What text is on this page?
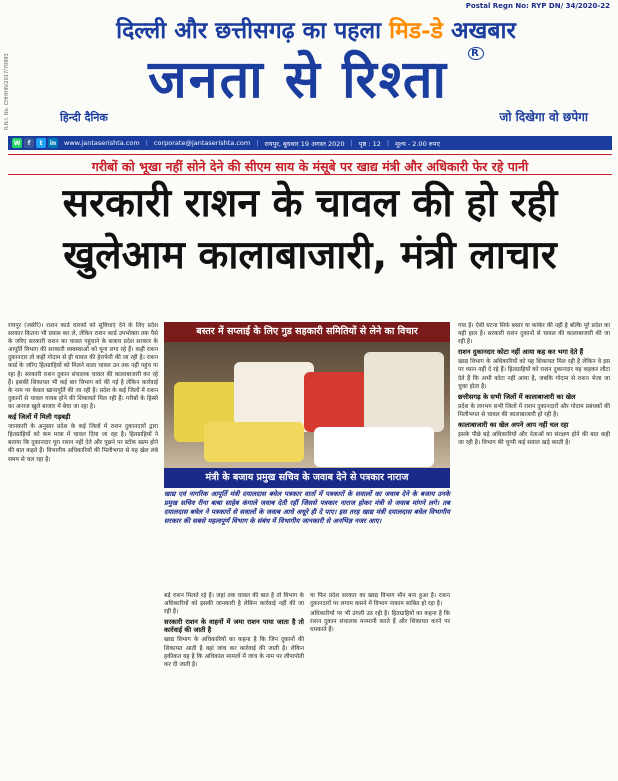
Postal Regn No: RYP DN/ 34/2020-22
R.N.I. No. CHHHIN/2017/70993
दिल्ली और छत्तीसगढ़ का पहला मिड-डे अखबार
जनता से रिश्ता $^R$
हिन्दी दैनिक	जो दिखेगा वो छपेगा
W	f	t	in www.jantaserishta.com | corporate@jantaserishta.com | रायपुर, बुधवार 19 अगस्त 2020 | पृष्ठ : 12 | मूल्य - 2.00 रुपए
गरीबों को भूखा नहीं सोने देने की सीएम साय के मंसूबे पर खाद्य मंत्री और अधिकारी फेर रहे पानी
सरकारी राशन के चावल की हो रही
खुलेआम कालाबाजारी, मंत्री लाचार

रायपुर (जसेरि)। राशन कार्ड धारकों को सुविधाएं देने के लिए प्रदेश सरकार कितना भी प्रयास कर ले, लेकिन राशन कार्ड उपभोक्ता तक पैसे के जरिए सरकारी राशन का चावल पहुंचाने के बजाय प्रदेश सरकार के आपूर्ति विभाग की सरकारी व्यवस्थाओं को चूना लगा रहे हैं। कहीं राशन दुकानदार तो कहीं गोदाम से ही चावल की हेराफेरी की जा रही है। राशन कार्ड के जरिए हितग्राहियों को मिलने वाला चावल उन तक नहीं पहुंच पा रहा है। सरकारी राशन दुकान संचालक चावल की कालाबाजारी कर रहे हैं। इसकी शिकायत भी कई बार विभाग को की गई है लेकिन कार्रवाई के नाम पर केवल खानापूर्ति की जा रही है। प्रदेश के कई जिलों में राशन दुकानों से चावल गायब होने की शिकायतें मिल रही हैं। गरीबों के हिस्से का अनाज खुले बाजार में बेचा जा रहा है।

कई जिलों में मिली गड़बड़ी

जानकारी के अनुसार प्रदेश के कई जिलों में राशन दुकानदारों द्वारा हितग्राहियों को कम मात्रा में चावल दिया जा रहा है। हितग्राहियों ने बताया कि दुकानदार पूरा राशन नहीं देते और पूछने पर स्टॉक खत्म होने की बात कहते हैं। विभागीय अधिकारियों की मिलीभगत से यह खेल लंबे समय से चल रहा है।

बस्तर में सप्लाई के लिए गुड सहकारी समितियों से लेने का विचार
मंत्री के बजाय प्रमुख सचिव के जवाब देने से पत्रकार नाराज
खाद्य एवं नागरिक आपूर्ति मंत्री दयालदास बघेल पत्रकार वार्ता में पत्रकारों के सवालों का जवाब देने के बजाय उनके प्रमुख सचिव रीना बाबा साहेब कंगाले जवाब देती रहीं जिससे पत्रकार नाराज होकर मंत्री से जवाब मांगने लगे। तब दयालदास बघेल ने पत्रकारों से सवालों के जवाब आधे अधूरे ही दे पाए। इस तरह खाद्य मंत्री दयालदास बघेल विभागीय सरकार की सबसे महत्वपूर्ण विभाग के संबंध में विभागीय जानकारी से अनभिज्ञ नजर आए।

बड़े राशन मिलते रहे हैं। जहां तक चावल की बात है तो विभाग के अधिकारियों को इसकी जानकारी है लेकिन कार्रवाई नहीं की जा रही है।

सरकारी राशन के वाहनों में जमा राशन पाया जाता है तो कार्रवाई की जाती है

खाद्य विभाग के अधिकारियों का कहना है कि जिन दुकानों की शिकायत आती है वहां जांच कर कार्रवाई की जाती है। लेकिन हकीकत यह है कि अधिकांश मामलों में जांच के नाम पर लीपापोती कर दी जाती है।

या फिर प्रदेश सरकार का खाद्य विभाग मौन बना हुआ है। राशन दुकानदारों पर लगाम कसने में विभाग नाकाम साबित हो रहा है।

अधिकारियों पर भी उंगली उठ रही है। हितग्राहियों का कहना है कि राशन दुकान संचालक मनमानी करते हैं और शिकायत करने पर धमकाते हैं।

गया है। ऐसी घटना सिर्फ बस्तर या कांकेर की नहीं है बल्कि पूरे प्रदेश का यही हाल है। सरकारी राशन दुकानों से चावल की कालाबाजारी की जा रही है।

राशन दुकानदार कोटा नहीं आया कह कर भगा देते हैं

खाद्य विभाग के अधिकारियों को यह शिकायत मिल रही है लेकिन वे इस पर ध्यान नहीं दे रहे हैं। हितग्राहियों को राशन दुकानदार यह कहकर लौटा देते हैं कि अभी कोटा नहीं आया है, जबकि गोदाम से राशन भेजा जा चुका होता है।

छत्तीसगढ़ के सभी जिलों में कालाबाजारी का खेल

प्रदेश के लगभग सभी जिलों में राशन दुकानदारों और गोदाम प्रबंधकों की मिलीभगत से चावल की कालाबाजारी हो रही है।

कालाबाजारी का खेल अपने आप नहीं चल रहा

इसके पीछे बड़े अधिकारियों और नेताओं का संरक्षण होने की बात कही जा रही है। विभाग की चुप्पी कई सवाल खड़े करती है।
